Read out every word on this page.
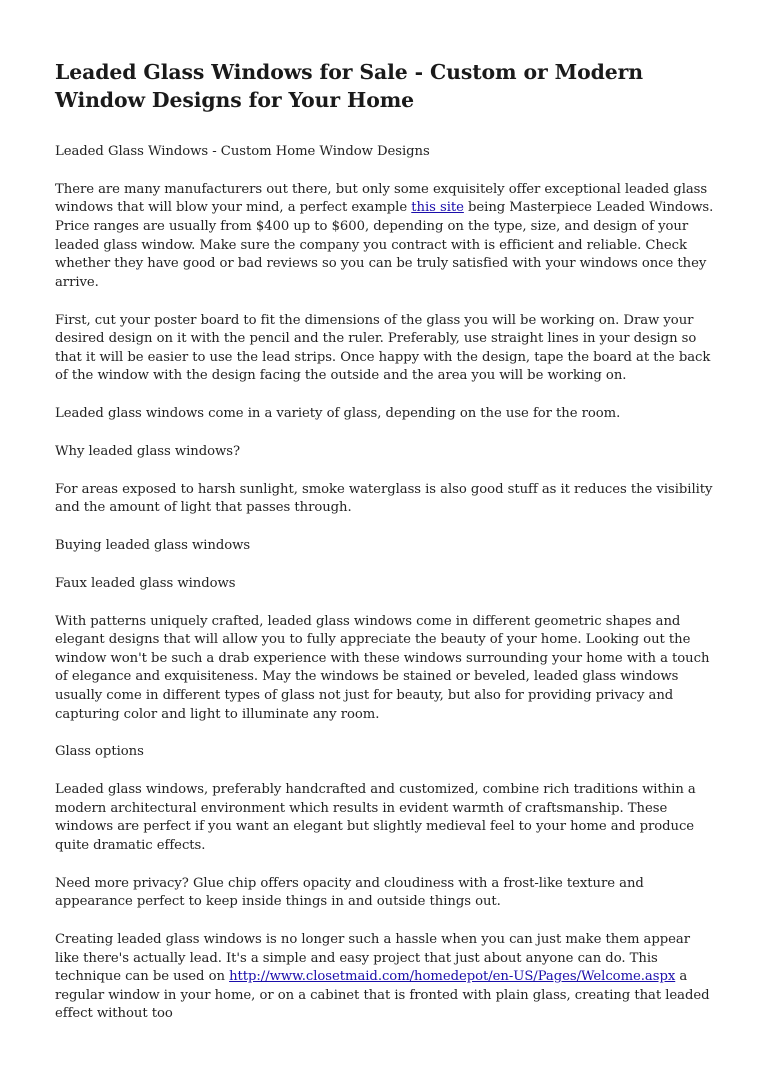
Leaded Glass Windows for Sale - Custom or Modern Window Designs for Your Home

Leaded Glass Windows - Custom Home Window Designs

There are many manufacturers out there, but only some exquisitely offer exceptional leaded glass windows that will blow your mind, a perfect example this site being Masterpiece Leaded Windows. Price ranges are usually from $400 up to $600, depending on the type, size, and design of your leaded glass window. Make sure the company you contract with is efficient and reliable. Check whether they have good or bad reviews so you can be truly satisfied with your windows once they arrive.

First, cut your poster board to fit the dimensions of the glass you will be working on. Draw your desired design on it with the pencil and the ruler. Preferably, use straight lines in your design so that it will be easier to use the lead strips. Once happy with the design, tape the board at the back of the window with the design facing the outside and the area you will be working on.

Leaded glass windows come in a variety of glass, depending on the use for the room.

Why leaded glass windows?

For areas exposed to harsh sunlight, smoke waterglass is also good stuff as it reduces the visibility and the amount of light that passes through.

Buying leaded glass windows

Faux leaded glass windows

With patterns uniquely crafted, leaded glass windows come in different geometric shapes and elegant designs that will allow you to fully appreciate the beauty of your home. Looking out the window won't be such a drab experience with these windows surrounding your home with a touch of elegance and exquisiteness. May the windows be stained or beveled, leaded glass windows usually come in different types of glass not just for beauty, but also for providing privacy and capturing color and light to illuminate any room.

Glass options

Leaded glass windows, preferably handcrafted and customized, combine rich traditions within a modern architectural environment which results in evident warmth of craftsmanship. These windows are perfect if you want an elegant but slightly medieval feel to your home and produce quite dramatic effects.

Need more privacy? Glue chip offers opacity and cloudiness with a frost-like texture and appearance perfect to keep inside things in and outside things out.

Creating leaded glass windows is no longer such a hassle when you can just make them appear like there's actually lead. It's a simple and easy project that just about anyone can do. This technique can be used on http://www.closetmaid.com/homedepot/en-US/Pages/Welcome.aspx a regular window in your home, or on a cabinet that is fronted with plain glass, creating that leaded effect without too
